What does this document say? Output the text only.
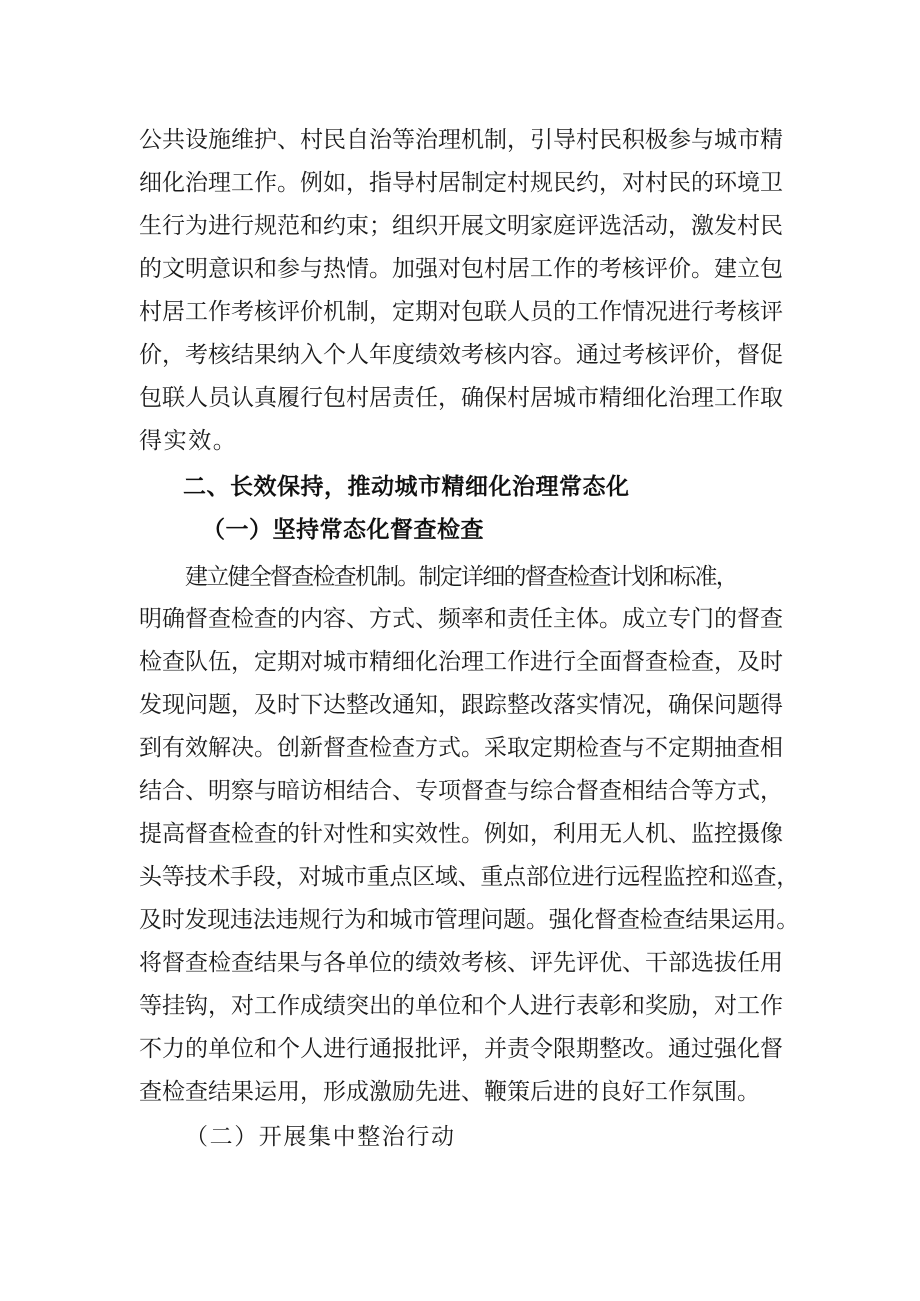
公共设施维护、村民自治等治理机制，引导村民积极参与城市精
细化治理工作。例如，指导村居制定村规民约，对村民的环境卫
生行为进行规范和约束；组织开展文明家庭评选活动，激发村民
的文明意识和参与热情。加强对包村居工作的考核评价。建立包
村居工作考核评价机制，定期对包联人员的工作情况进行考核评
价，考核结果纳入个人年度绩效考核内容。通过考核评价，督促
包联人员认真履行包村居责任，确保村居城市精细化治理工作取
得实效。
二、长效保持，推动城市精细化治理常态化
（一）坚持常态化督查检查
建立健全督查检查机制。制定详细的督查检查计划和标准，
明确督查检查的内容、方式、频率和责任主体。成立专门的督查
检查队伍，定期对城市精细化治理工作进行全面督查检查，及时
发现问题，及时下达整改通知，跟踪整改落实情况，确保问题得
到有效解决。创新督查检查方式。采取定期检查与不定期抽查相
结合、明察与暗访相结合、专项督查与综合督查相结合等方式，
提高督查检查的针对性和实效性。例如，利用无人机、监控摄像
头等技术手段，对城市重点区域、重点部位进行远程监控和巡查，
及时发现违法违规行为和城市管理问题。强化督查检查结果运用。
将督查检查结果与各单位的绩效考核、评先评优、干部选拔任用
等挂钩，对工作成绩突出的单位和个人进行表彰和奖励，对工作
不力的单位和个人进行通报批评，并责令限期整改。通过强化督
查检查结果运用，形成激励先进、鞭策后进的良好工作氛围。
（二）开展集中整治行动
